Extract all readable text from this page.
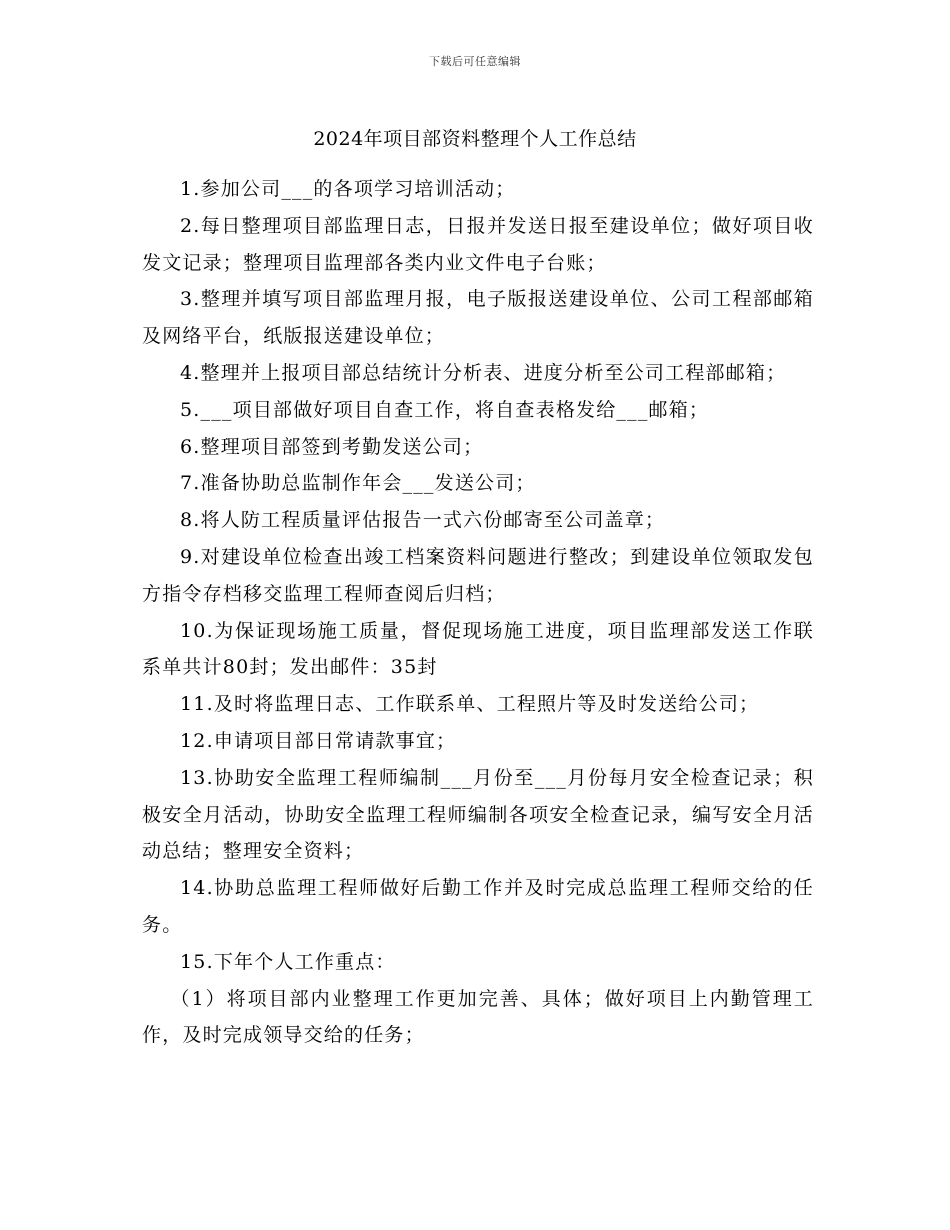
下载后可任意编辑
2024年项目部资料整理个人工作总结

1.参加公司___的各项学习培训活动；

2.每日整理项目部监理日志，日报并发送日报至建设单位；做好项目收发文记录；整理项目监理部各类内业文件电子台账；

3.整理并填写项目部监理月报，电子版报送建设单位、公司工程部邮箱及网络平台，纸版报送建设单位；

4.整理并上报项目部总结统计分析表、进度分析至公司工程部邮箱；

5.___项目部做好项目自查工作，将自查表格发给___邮箱；

6.整理项目部签到考勤发送公司；

7.准备协助总监制作年会___发送公司；

8.将人防工程质量评估报告一式六份邮寄至公司盖章；

9.对建设单位检查出竣工档案资料问题进行整改；到建设单位领取发包方指令存档移交监理工程师查阅后归档；

10.为保证现场施工质量，督促现场施工进度，项目监理部发送工作联系单共计80封；发出邮件：35封

11.及时将监理日志、工作联系单、工程照片等及时发送给公司；

12.申请项目部日常请款事宜；

13.协助安全监理工程师编制___月份至___月份每月安全检查记录；积极安全月活动，协助安全监理工程师编制各项安全检查记录，编写安全月活动总结；整理安全资料；

14.协助总监理工程师做好后勤工作并及时完成总监理工程师交给的任务。

15.下年个人工作重点：

（1）将项目部内业整理工作更加完善、具体；做好项目上内勤管理工作，及时完成领导交给的任务；
